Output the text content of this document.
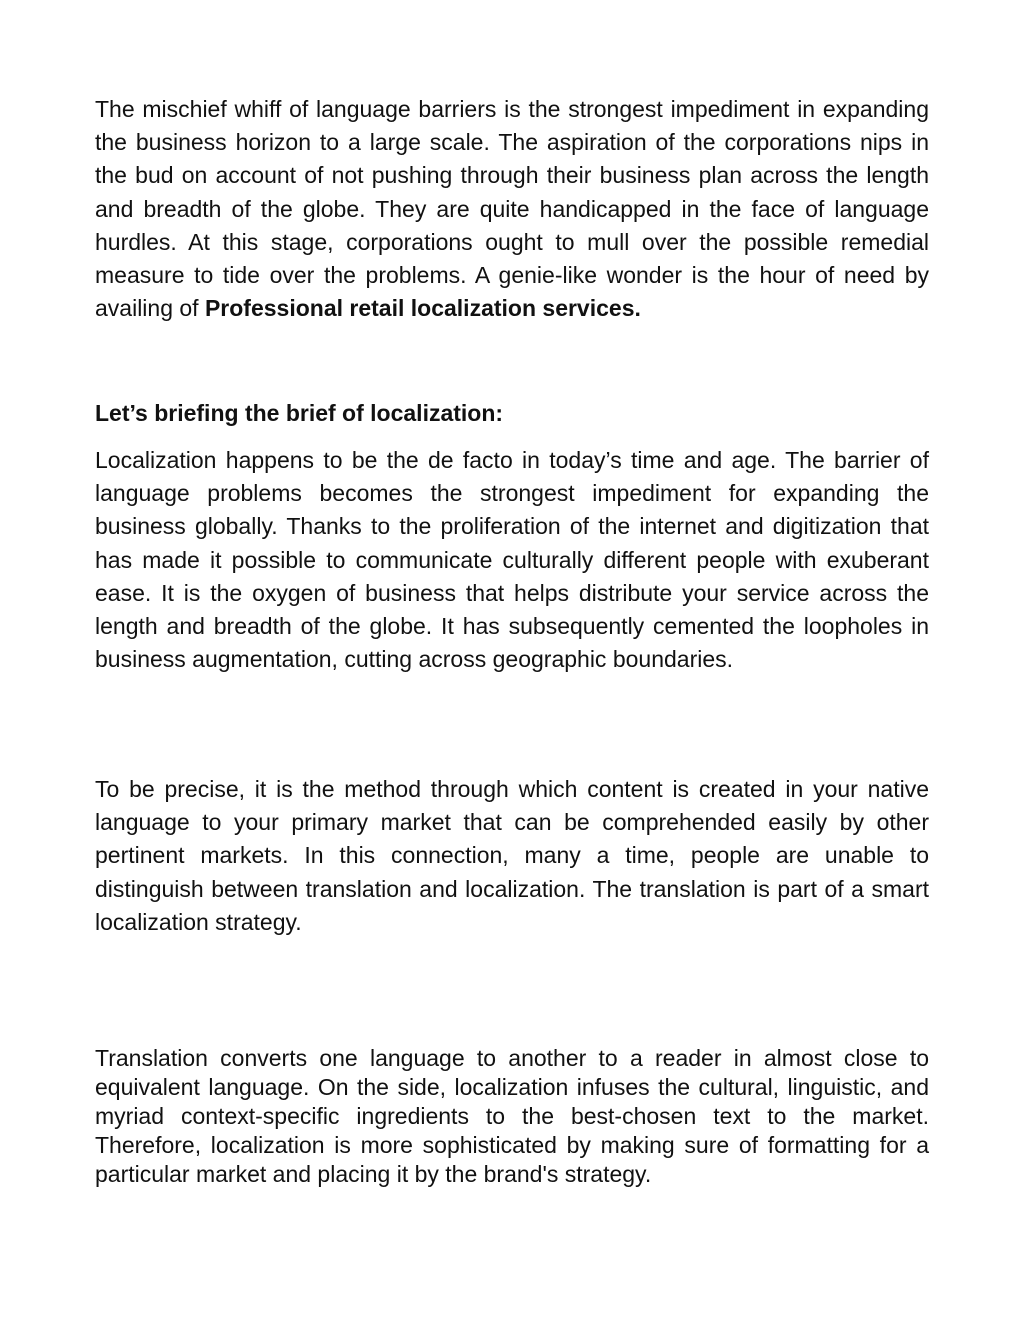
The mischief whiff of language barriers is the strongest impediment in expanding the business horizon to a large scale. The aspiration of the corporations nips in the bud on account of not pushing through their business plan across the length and breadth of the globe. They are quite handicapped in the face of language hurdles. At this stage, corporations ought to mull over the possible remedial measure to tide over the problems. A genie-like wonder is the hour of need by availing of Professional retail localization services.

Let’s briefing the brief of localization:

Localization happens to be the de facto in today’s time and age. The barrier of language problems becomes the strongest impediment for expanding the business globally. Thanks to the proliferation of the internet and digitization that has made it possible to communicate culturally different people with exuberant ease. It is the oxygen of business that helps distribute your service across the length and breadth of the globe. It has subsequently cemented the loopholes in business augmentation, cutting across geographic boundaries.

To be precise, it is the method through which content is created in your native language to your primary market that can be comprehended easily by other pertinent markets. In this connection, many a time, people are unable to distinguish between translation and localization. The translation is part of a smart localization strategy.

Translation converts one language to another to a reader in almost close to equivalent language. On the side, localization infuses the cultural, linguistic, and myriad context-specific ingredients to the best-chosen text to the market. Therefore, localization is more sophisticated by making sure of formatting for a particular market and placing it by the brand's strategy.
